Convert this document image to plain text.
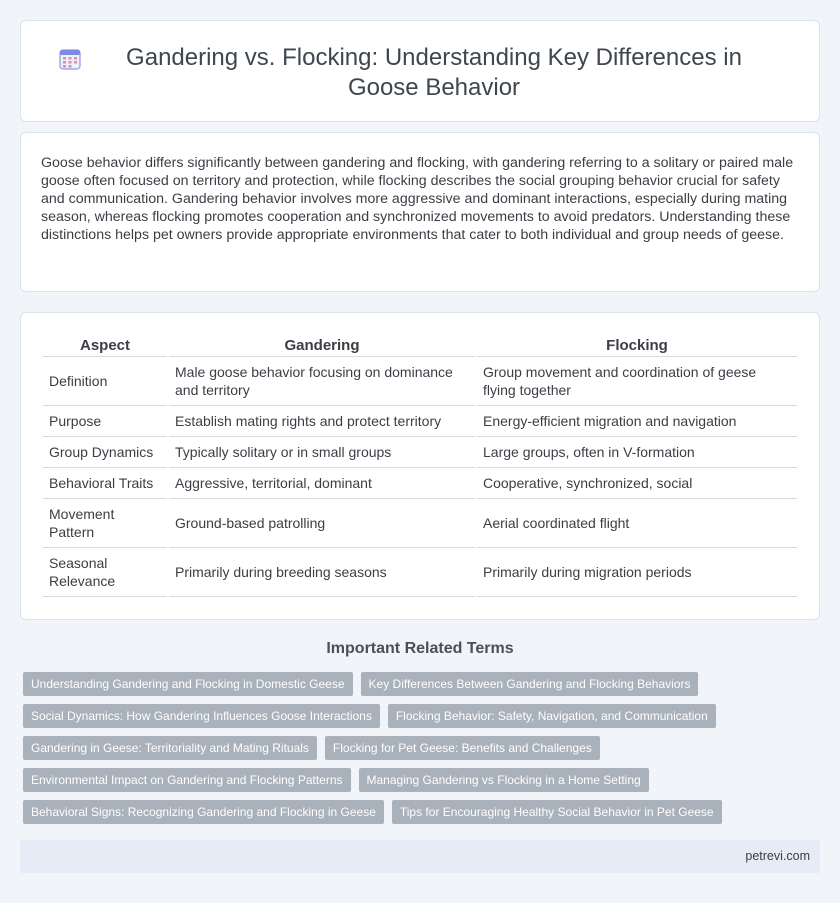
Gandering vs. Flocking: Understanding Key Differences in Goose Behavior

Goose behavior differs significantly between gandering and flocking, with gandering referring to a solitary or paired male goose often focused on territory and protection, while flocking describes the social grouping behavior crucial for safety and communication. Gandering behavior involves more aggressive and dominant interactions, especially during mating season, whereas flocking promotes cooperation and synchronized movements to avoid predators. Understanding these distinctions helps pet owners provide appropriate environments that cater to both individual and group needs of geese.

Aspect	Gandering	Flocking
Definition	Male goose behavior focusing on dominance and territory	Group movement and coordination of geese flying together
Purpose	Establish mating rights and protect territory	Energy-efficient migration and navigation
Group Dynamics	Typically solitary or in small groups	Large groups, often in V-formation
Behavioral Traits	Aggressive, territorial, dominant	Cooperative, synchronized, social
Movement Pattern	Ground-based patrolling	Aerial coordinated flight
Seasonal Relevance	Primarily during breeding seasons	Primarily during migration periods
Important Related Terms
Understanding Gandering and Flocking in Domestic Geese	Key Differences Between Gandering and Flocking Behaviors
Social Dynamics: How Gandering Influences Goose Interactions	Flocking Behavior: Safety, Navigation, and Communication
Gandering in Geese: Territoriality and Mating Rituals	Flocking for Pet Geese: Benefits and Challenges
Environmental Impact on Gandering and Flocking Patterns	Managing Gandering vs Flocking in a Home Setting
Behavioral Signs: Recognizing Gandering and Flocking in Geese	Tips for Encouraging Healthy Social Behavior in Pet Geese
petrevi.com
